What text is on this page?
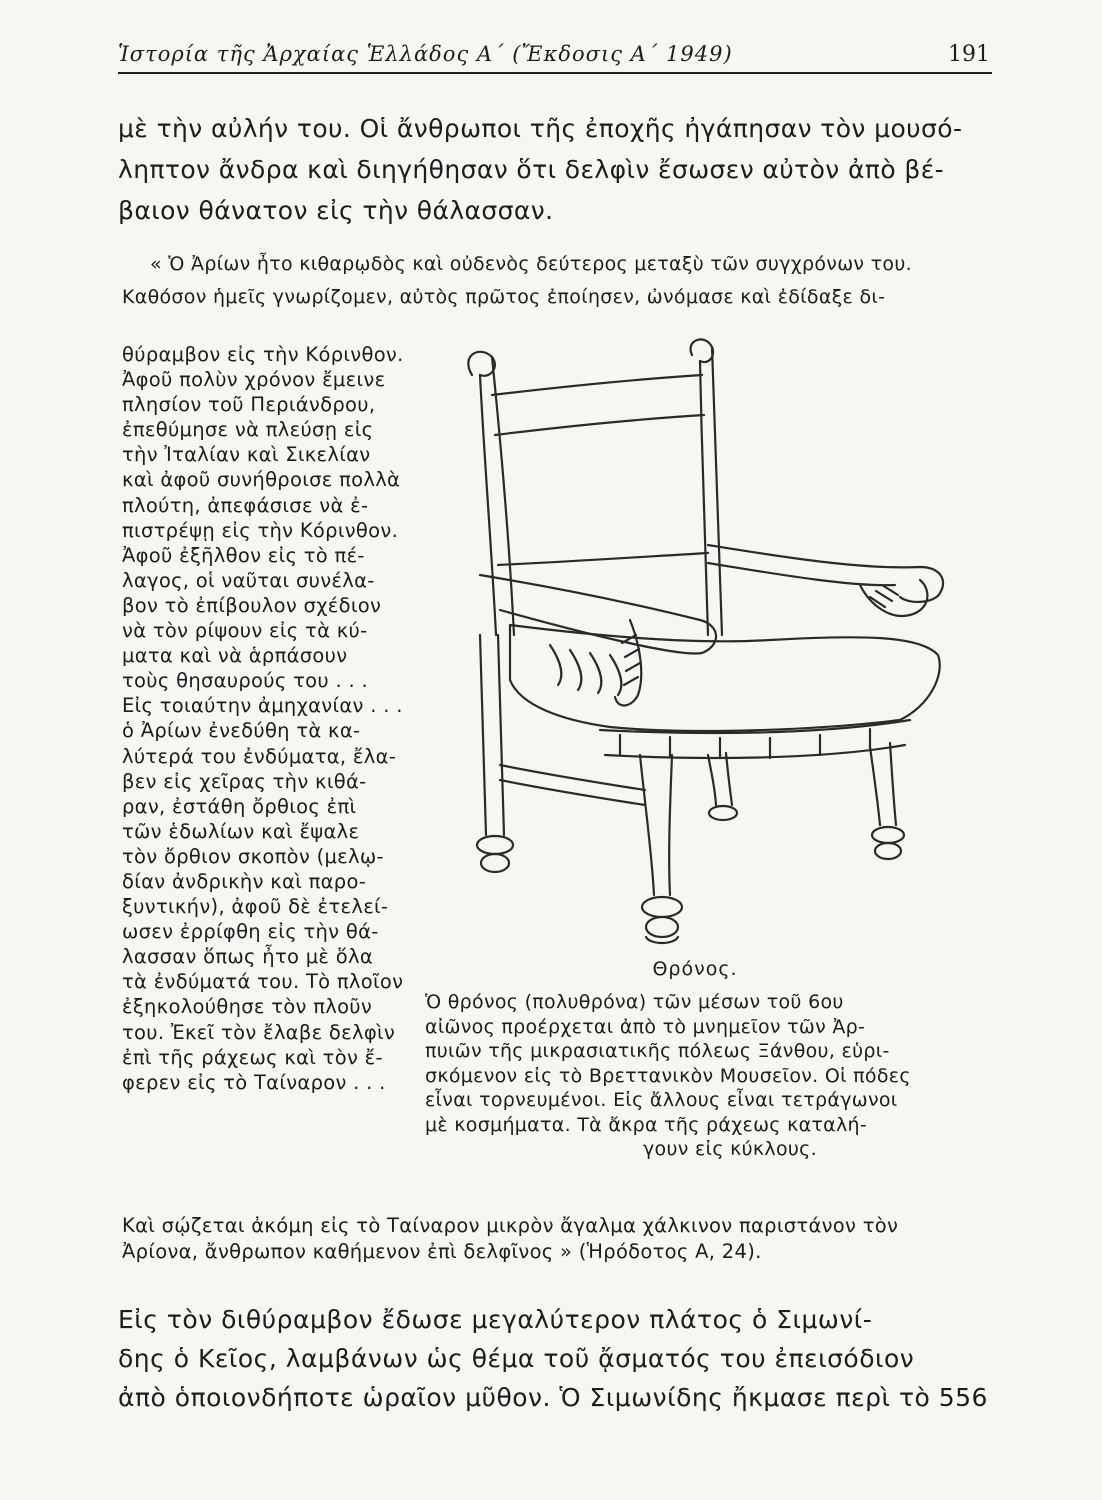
Ἱστορία τῆς Ἀρχαίας Ἑλλάδος Α΄ (Ἔκδοσις Α΄ 1949)	191
μὲ τὴν αὐλήν του. Οἱ ἄνθρωποι τῆς ἐποχῆς ἠγάπησαν τὸν μουσό-
ληπτον ἄνδρα καὶ διηγήθησαν ὅτι δελφὶν ἔσωσεν αὐτὸν ἀπὸ βέ-
βαιον θάνατον εἰς τὴν θάλασσαν.
« Ὁ Ἀρίων ἦτο κιθαρῳδὸς καὶ οὐδενὸς δεύτερος μεταξὺ τῶν συγχρόνων του.
Καθόσον ἡμεῖς γνωρίζομεν, αὐτὸς πρῶτος ἐποίησεν, ὠνόμασε καὶ ἐδίδαξε δι-
θύραμβον εἰς τὴν Κόρινθον.
Ἀφοῦ πολὺν χρόνον ἔμεινε
πλησίον τοῦ Περιάνδρου,
ἐπεθύμησε νὰ πλεύσῃ εἰς
τὴν Ἰταλίαν καὶ Σικελίαν
καὶ ἀφοῦ συνήθροισε πολλὰ
πλούτη, ἀπεφάσισε νὰ ἐ-
πιστρέψῃ εἰς τὴν Κόρινθον.
Ἀφοῦ ἐξῆλθον εἰς τὸ πέ-
λαγος, οἱ ναῦται συνέλα-
βον τὸ ἐπίβουλον σχέδιον
νὰ τὸν ρίψουν εἰς τὰ κύ-
ματα καὶ νὰ ἁρπάσουν
τοὺς θησαυρούς του . . .
Εἰς τοιαύτην ἀμηχανίαν . . .
ὁ Ἀρίων ἐνεδύθη τὰ κα-
λύτερά του ἐνδύματα, ἔλα-
βεν εἰς χεῖρας τὴν κιθά-
ραν, ἐστάθη ὄρθιος ἐπὶ
τῶν ἑδωλίων καὶ ἔψαλε
τὸν ὄρθιον σκοπὸν (μελῳ-
δίαν ἀνδρικὴν καὶ παρο-
ξυντικήν), ἀφοῦ δὲ ἐτελεί-
ωσεν ἐρρίφθη εἰς τὴν θά-
λασσαν ὅπως ἦτο μὲ ὅλα
τὰ ἐνδύματά του. Τὸ πλοῖον
ἐξηκολούθησε τὸν πλοῦν
του. Ἐκεῖ τὸν ἔλαβε δελφὶν
ἐπὶ τῆς ράχεως καὶ τὸν ἔ-
φερεν εἰς τὸ Ταίναρον . . .
Θρόνος.
Ὁ θρόνος (πολυθρόνα) τῶν μέσων τοῦ 6ου
αἰῶνος προέρχεται ἀπὸ τὸ μνημεῖον τῶν Ἀρ-
πυιῶν τῆς μικρασιατικῆς πόλεως Ξάνθου, εὑρι-
σκόμενον εἰς τὸ Βρεττανικὸν Μουσεῖον. Οἱ πόδες
εἶναι τορνευμένοι. Εἰς ἄλλους εἶναι τετράγωνοι
μὲ κοσμήματα. Τὰ ἄκρα τῆς ράχεως καταλή-
γουν εἰς κύκλους.
Καὶ σῴζεται ἀκόμη εἰς τὸ Ταίναρον μικρὸν ἄγαλμα χάλκινον παριστάνον τὸν
Ἀρίονα, ἄνθρωπον καθήμενον ἐπὶ δελφῖνος » (Ἡρόδοτος Α, 24).
Εἰς τὸν διθύραμβον ἔδωσε μεγαλύτερον πλάτος ὁ Σιμωνί-
δης ὁ Κεῖος, λαμβάνων ὡς θέμα τοῦ ᾄσματός του ἐπεισόδιον
ἀπὸ ὁποιονδήποτε ὡραῖον μῦθον. Ὁ Σιμωνίδης ἤκμασε περὶ τὸ 556
